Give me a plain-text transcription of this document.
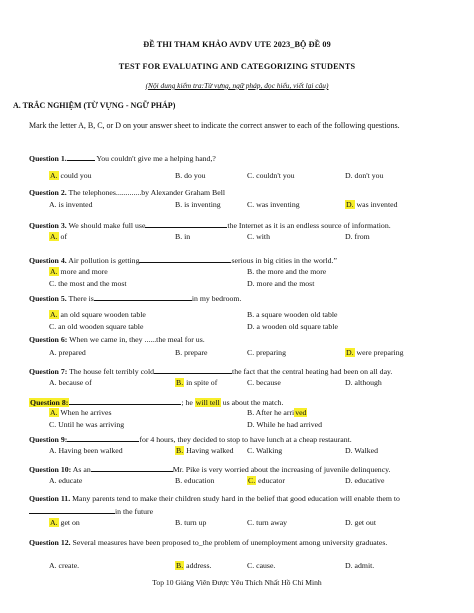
ĐỀ THI THAM KHẢO AVDV UTE 2023_BỘ ĐỀ 09
TEST FOR EVALUATING AND CATEGORIZING STUDENTS
(Nội dung kiểm tra:Từ vựng, ngữ pháp, đọc hiểu, viết lại câu)
A. TRẮC NGHIỆM (TỪ VỰNG - NGỮ PHÁP)
Mark the letter A, B, C, or D on your answer sheet to indicate the correct answer to each of the following questions.
Question 1.	You couldn't give me a helping hand,?
A. could you	B. do you	C. couldn't you	D. don't you
Question 2. The telephones.............by Alexander Graham Bell
A. is invented	B. is inventing	C. was inventing	D. was invented
Question 3. We should make full use	the Internet as it is an endless source of information.
A. of	B. in	C. with	D. from
Question 4. Air pollution is getting	serious in big cities in the world.”
A. more and more	B. the more and the more
C. the most and the most	D. more and the most
Question 5. There is	in my bedroom.
A. an old square wooden table	B. a square wooden old table
C. an old wooden square table	D. a wooden old square table
Question 6: When we came in, they ......the meal for us.
A. prepared	B. prepare	C. preparing	D. were preparing
Question 7: The house felt terribly cold	the fact that the central heating had been on all day.
A. because of	B. in spite of	C. because	D. although
Question 8:	; he will tell us about the match.
A. When he arrives	B. After he arrived
C. Until he was arriving	D. While he had arrived
Question 9:	for 4 hours, they decided to stop to have lunch at a cheap restaurant.
A. Having been walked	B. Having walked C. Walking	D. Walked
Question 10: As an	Mr. Pike is very worried about the increasing of juvenile delinquency.
A. educate	B. education	C. educator	D. educative
Question 11. Many parents tend to make their children study hard in the belief that good education will enable them toin the future
A. get on	B. turn up	C. turn away	D. get out
Question 12. Several measures have been proposed to_the problem of unemployment among university graduates.
A. create.	B. address.	C. cause.	D. admit.
Top 10 Giảng Viên Được Yêu Thích Nhất Hồ Chí Minh
